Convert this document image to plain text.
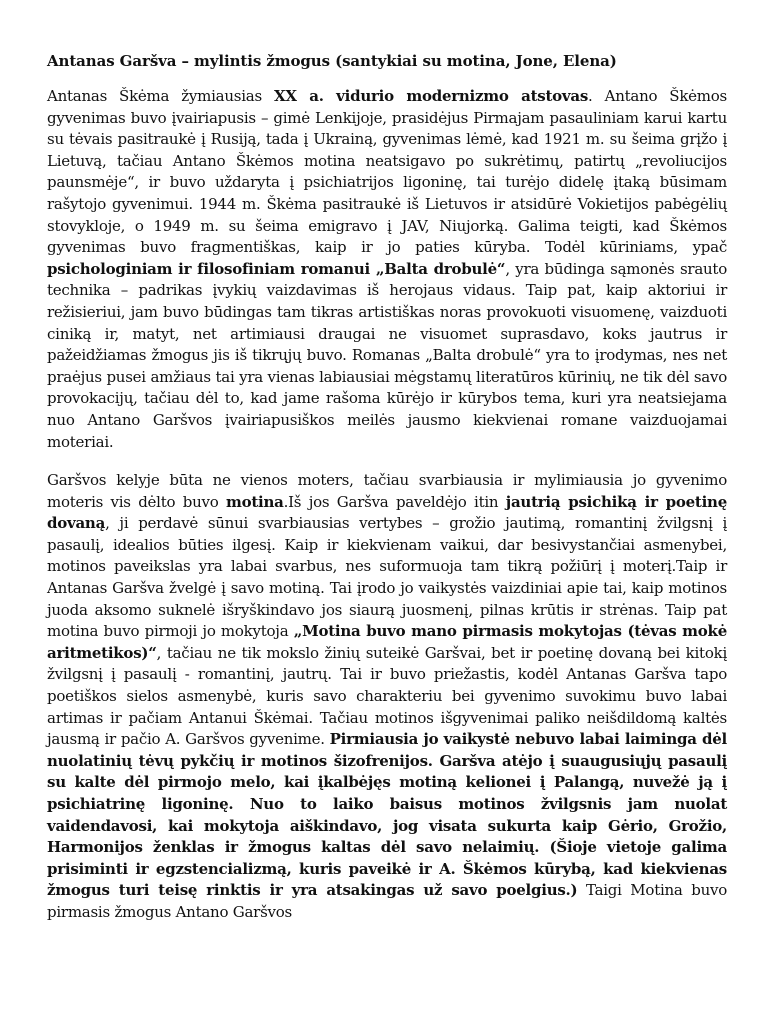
Antanas Garšva – mylintis žmogus (santykiai su motina, Jone, Elena)

Antanas Škėma žymiausias XX a. vidurio modernizmo atstovas. Antano Škėmos gyvenimas buvo įvairiapusis – gimė Lenkijoje, prasidėjus Pirmajam pasauliniam karui kartu su tėvais pasitraukė į Rusiją, tada į Ukrainą, gyvenimas lėmė, kad 1921 m. su šeima grįžo į Lietuvą, tačiau Antano Škėmos motina neatsigavo po sukrėtimų, patirtų „revoliucijos paunsmėje“, ir buvo uždaryta į psichiatrijos ligoninę, tai turėjo didelę įtaką būsimam rašytojo gyvenimui. 1944 m. Škėma pasitraukė iš Lietuvos ir atsidūrė Vokietijos pabėgėlių stovykloje, o 1949 m. su šeima emigravo į JAV, Niujorką. Galima teigti, kad Škėmos gyvenimas buvo fragmentiškas, kaip ir jo paties kūryba. Todėl kūriniams, ypač psichologiniam ir filosofiniam romanui „Balta drobulė“, yra būdinga sąmonės srauto technika – padrikas įvykių vaizdavimas iš herojaus vidaus. Taip pat, kaip aktoriui ir režisieriui, jam buvo būdingas tam tikras artistiškas noras provokuoti visuomenę, vaizduoti ciniką ir, matyt, net artimiausi draugai ne visuomet suprasdavo, koks jautrus ir pažeidžiamas žmogus jis iš tikrųjų buvo. Romanas „Balta drobulė“ yra to įrodymas, nes net praėjus pusei amžiaus tai yra vienas labiausiai mėgstamų literatūros kūrinių, ne tik dėl savo provokacijų, tačiau dėl to, kad jame rašoma kūrėjo ir kūrybos tema, kuri yra neatsiejama nuo Antano Garšvos įvairiapusiškos meilės jausmo kiekvienai romane vaizduojamai moteriai.

Garšvos kelyje būta ne vienos moters, tačiau svarbiausia ir mylimiausia jo gyvenimo moteris vis dėlto buvo motina.Iš jos Garšva paveldėjo itin jautrią psichiką ir poetinę dovaną, ji perdavė sūnui svarbiausias vertybes – grožio jautimą, romantinį žvilgsnį į pasaulį, idealios būties ilgesį. Kaip ir kiekvienam vaikui, dar besivystančiai asmenybei, motinos paveikslas yra labai svarbus, nes suformuoja tam tikrą požiūrį į moterį.Taip ir Antanas Garšva žvelgė į savo motiną. Tai įrodo jo vaikystės vaizdiniai apie tai, kaip motinos juoda aksomo suknelė išryškindavo jos siaurą juosmenį, pilnas krūtis ir strėnas. Taip pat motina buvo pirmoji jo mokytoja „Motina buvo mano pirmasis mokytojas (tėvas mokė aritmetikos)“, tačiau ne tik mokslo žinių suteikė Garšvai, bet ir poetinę dovaną bei kitokį žvilgsnį į pasaulį - romantinį, jautrų. Tai ir buvo priežastis, kodėl Antanas Garšva tapo poetiškos sielos asmenybė, kuris savo charakteriu bei gyvenimo suvokimu buvo labai artimas ir pačiam Antanui Škėmai. Tačiau motinos išgyvenimai paliko neišdildomą kaltės jausmą ir pačio A. Garšvos gyvenime. Pirmiausia jo vaikystė nebuvo labai laiminga dėl nuolatinių tėvų pykčių ir motinos šizofrenijos. Garšva atėjo į suaugusiųjų pasaulį su kalte dėl pirmojo melo, kai įkalbėjęs motiną kelionei į Palangą, nuvežė ją į psichiatrinę ligoninę. Nuo to laiko baisus motinos žvilgsnis jam nuolat vaidendavosi, kai mokytoja aiškindavo, jog visata sukurta kaip Gėrio, Grožio, Harmonijos ženklas ir žmogus kaltas dėl savo nelaimių. (Šioje vietoje galima prisiminti ir egzstencializmą, kuris paveikė ir A. Škėmos kūrybą, kad kiekvienas žmogus turi teisę rinktis ir yra atsakingas už savo poelgius.) Taigi Motina buvo pirmasis žmogus Antano Garšvos
